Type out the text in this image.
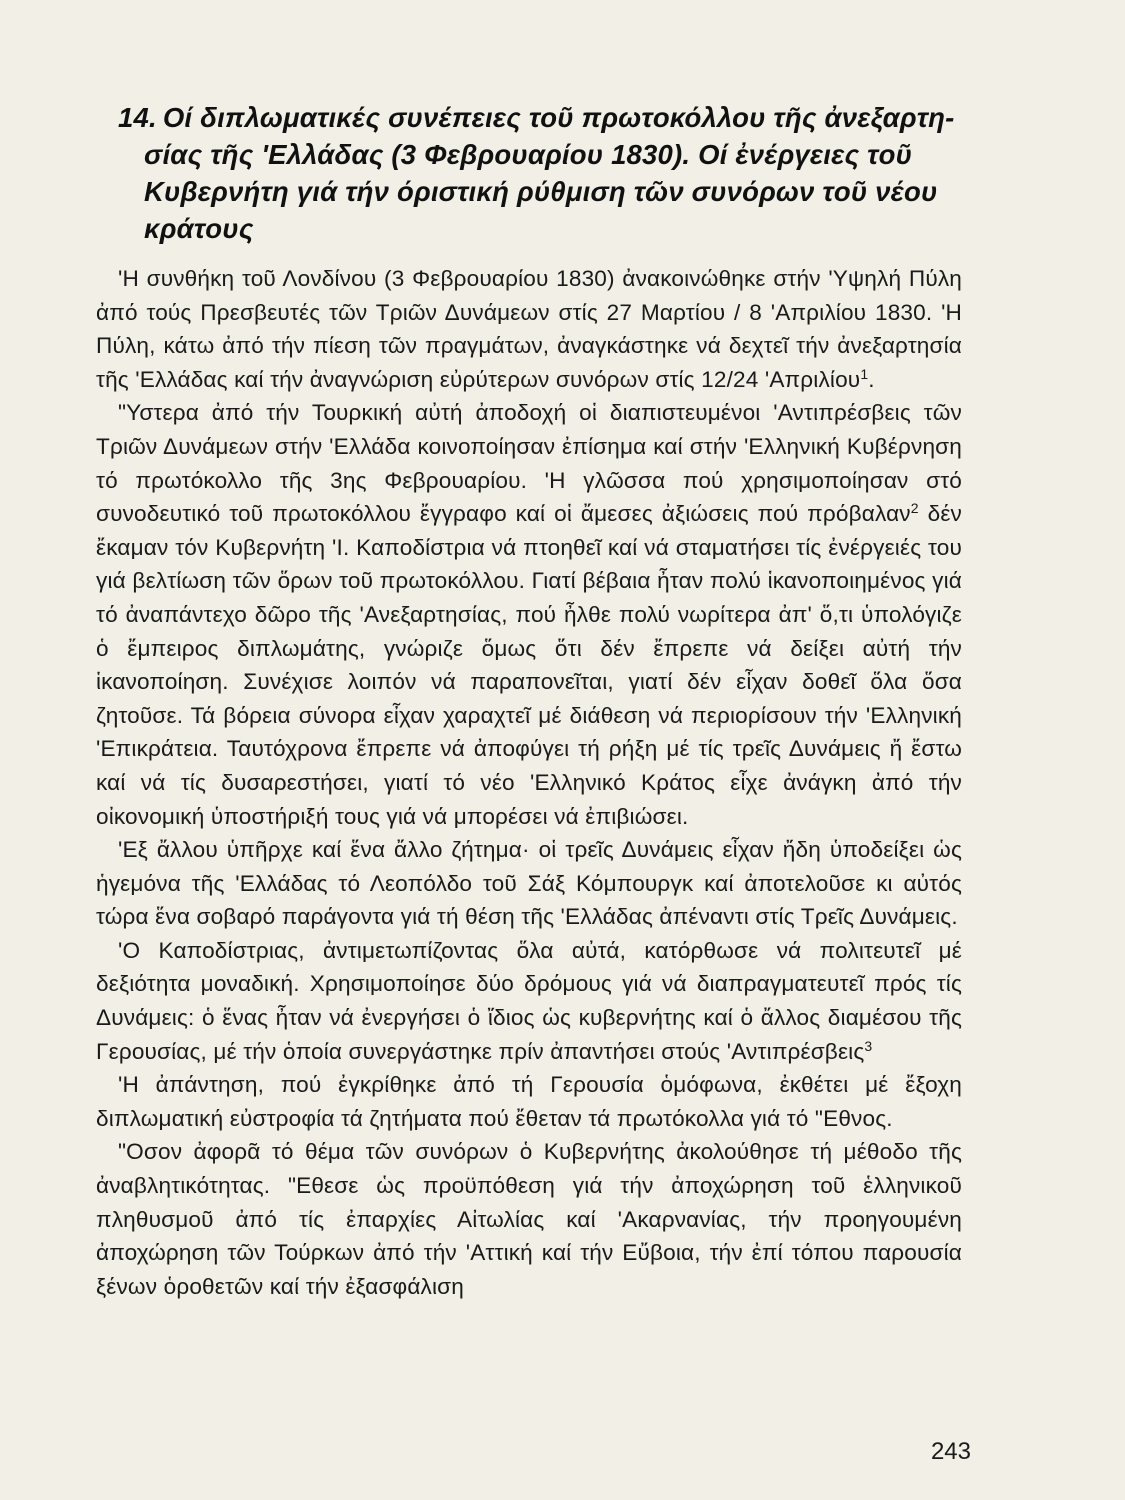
14. Οί διπλωματικές συνέπειες τοῦ πρωτοκόλλου τῆς ἀνεξαρτη-
σίας τῆς 'Ελλάδας (3 Φεβρουαρίου 1830). Οί ἐνέργειες τοῦ
Κυβερνήτη γιά τήν όριστική ρύθμιση τῶν συνόρων τοῦ νέου
κράτους

'Η συνθήκη τοῦ Λονδίνου (3 Φεβρουαρίου 1830) ἀνακοινώθηκε στήν 'Υψηλή Πύλη ἀπό τούς Πρεσβευτές τῶν Τριῶν Δυνάμεων στίς 27 Μαρτίου / 8 'Απριλίου 1830. 'Η Πύλη, κάτω ἀπό τήν πίεση τῶν πραγμάτων, ἀναγκάστηκε νά δεχτεῖ τήν ἀνεξαρτησία τῆς 'Ελλάδας καί τήν ἀναγνώριση εὐρύτερων συνόρων στίς 12/24 'Απριλίου$^1$.

"Υστερα ἀπό τήν Τουρκική αὐτή ἀποδοχή οἱ διαπιστευμένοι 'Αντιπρέσβεις τῶν Τριῶν Δυνάμεων στήν 'Ελλάδα κοινοποίησαν ἐπίσημα καί στήν 'Ελληνική Κυβέρνηση τό πρωτόκολλο τῆς 3ης Φεβρουαρίου. 'Η γλῶσσα πού χρησιμοποίησαν στό συνοδευτικό τοῦ πρωτοκόλλου ἔγγραφο καί οἱ ἄμεσες ἀξιώσεις πού πρόβαλαν$^2$ δέν ἔκαμαν τόν Κυβερνήτη 'Ι. Καποδίστρια νά πτοηθεῖ καί νά σταματήσει τίς ἐνέργειές του γιά βελτίωση τῶν ὅρων τοῦ πρωτοκόλλου. Γιατί βέβαια ἦταν πολύ ἱκανοποιημένος γιά τό ἀναπάντεχο δῶρο τῆς 'Ανεξαρτησίας, πού ἦλθε πολύ νωρίτερα ἀπ' ὅ,τι ὑπολόγιζε ὁ ἔμπειρος διπλωμάτης, γνώριζε ὅμως ὅτι δέν ἔπρεπε νά δείξει αὐτή τήν ἱκανοποίηση. Συνέχισε λοιπόν νά παραπονεῖται, γιατί δέν εἶχαν δοθεῖ ὅλα ὅσα ζητοῦσε. Τά βόρεια σύνορα εἶχαν χαραχτεῖ μέ διάθεση νά περιορίσουν τήν 'Ελληνική 'Επικράτεια. Ταυτόχρονα ἔπρεπε νά ἀποφύγει τή ρήξη μέ τίς τρεῖς Δυνάμεις ἤ ἔστω καί νά τίς δυσαρεστήσει, γιατί τό νέο 'Ελληνικό Κράτος εἶχε ἀνάγκη ἀπό τήν οἰκονομική ὑποστήριξή τους γιά νά μπορέσει νά ἐπιβιώσει.

'Εξ ἄλλου ὑπῆρχε καί ἕνα ἄλλο ζήτημα· οἱ τρεῖς Δυνάμεις εἶχαν ἤδη ὑποδείξει ὡς ἡγεμόνα τῆς 'Ελλάδας τό Λεοπόλδο τοῦ Σάξ Κόμπουργκ καί ἀποτελοῦσε κι αὐτός τώρα ἕνα σοβαρό παράγοντα γιά τή θέση τῆς 'Ελλάδας ἀπέναντι στίς Τρεῖς Δυνάμεις.

'Ο Καποδίστριας, ἀντιμετωπίζοντας ὅλα αὐτά, κατόρθωσε νά πολιτευτεῖ μέ δεξιότητα μοναδική. Χρησιμοποίησε δύο δρόμους γιά νά διαπραγματευτεῖ πρός τίς Δυνάμεις: ὁ ἕνας ἦταν νά ἐνεργήσει ὁ ἴδιος ὡς κυβερνήτης καί ὁ ἄλλος διαμέσου τῆς Γερουσίας, μέ τήν ὁποία συνεργάστηκε πρίν ἀπαντήσει στούς 'Αντιπρέσβεις$^3$

'Η ἀπάντηση, πού ἐγκρίθηκε ἀπό τή Γερουσία ὁμόφωνα, ἐκθέτει μέ ἔξοχη διπλωματική εὐστροφία τά ζητήματα πού ἔθεταν τά πρωτόκολλα γιά τό "Εθνος.

"Οσον ἀφορᾶ τό θέμα τῶν συνόρων ὁ Κυβερνήτης ἀκολούθησε τή μέθοδο τῆς ἀναβλητικότητας. "Εθεσε ὡς προϋπόθεση γιά τήν ἀποχώρηση τοῦ ἑλληνικοῦ πληθυσμοῦ ἀπό τίς ἐπαρχίες Αἰτωλίας καί 'Ακαρνανίας, τήν προηγουμένη ἀποχώρηση τῶν Τούρκων ἀπό τήν 'Αττική καί τήν Εὔβοια, τήν ἐπί τόπου παρουσία ξένων ὁροθετῶν καί τήν ἐξασφάλιση

243
